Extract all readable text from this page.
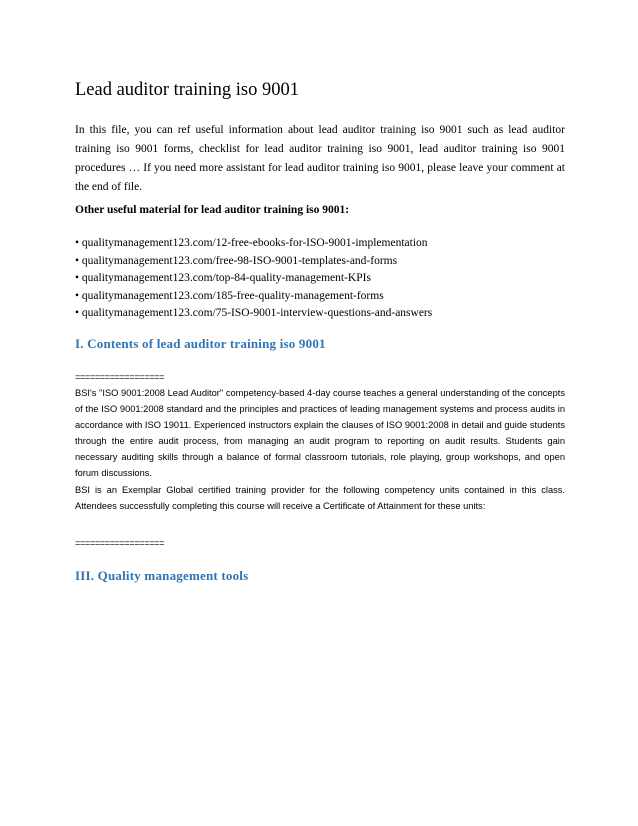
Lead auditor training iso 9001

In this file, you can ref useful information about lead auditor training iso 9001 such as lead auditor training iso 9001 forms, checklist for lead auditor training iso 9001, lead auditor training iso 9001 procedures … If you need more assistant for lead auditor training iso 9001, please leave your comment at the end of file.

Other useful material for lead auditor training iso 9001:
• qualitymanagement123.com/12-free-ebooks-for-ISO-9001-implementation
• qualitymanagement123.com/free-98-ISO-9001-templates-and-forms
• qualitymanagement123.com/top-84-quality-management-KPIs
• qualitymanagement123.com/185-free-quality-management-forms
• qualitymanagement123.com/75-ISO-9001-interview-questions-and-answers
I. Contents of lead auditor training iso 9001
==================

BSI's "ISO 9001:2008 Lead Auditor" competency-based 4-day course teaches a general understanding of the concepts of the ISO 9001:2008 standard and the principles and practices of leading management systems and process audits in accordance with ISO 19011. Experienced instructors explain the clauses of ISO 9001:2008 in detail and guide students through the entire audit process, from managing an audit program to reporting on audit results. Students gain necessary auditing skills through a balance of formal classroom tutorials, role playing, group workshops, and open forum discussions.

BSI is an Exemplar Global certified training provider for the following competency units contained in this class. Attendees successfully completing this course will receive a Certificate of Attainment for these units:

==================
III. Quality management tools
